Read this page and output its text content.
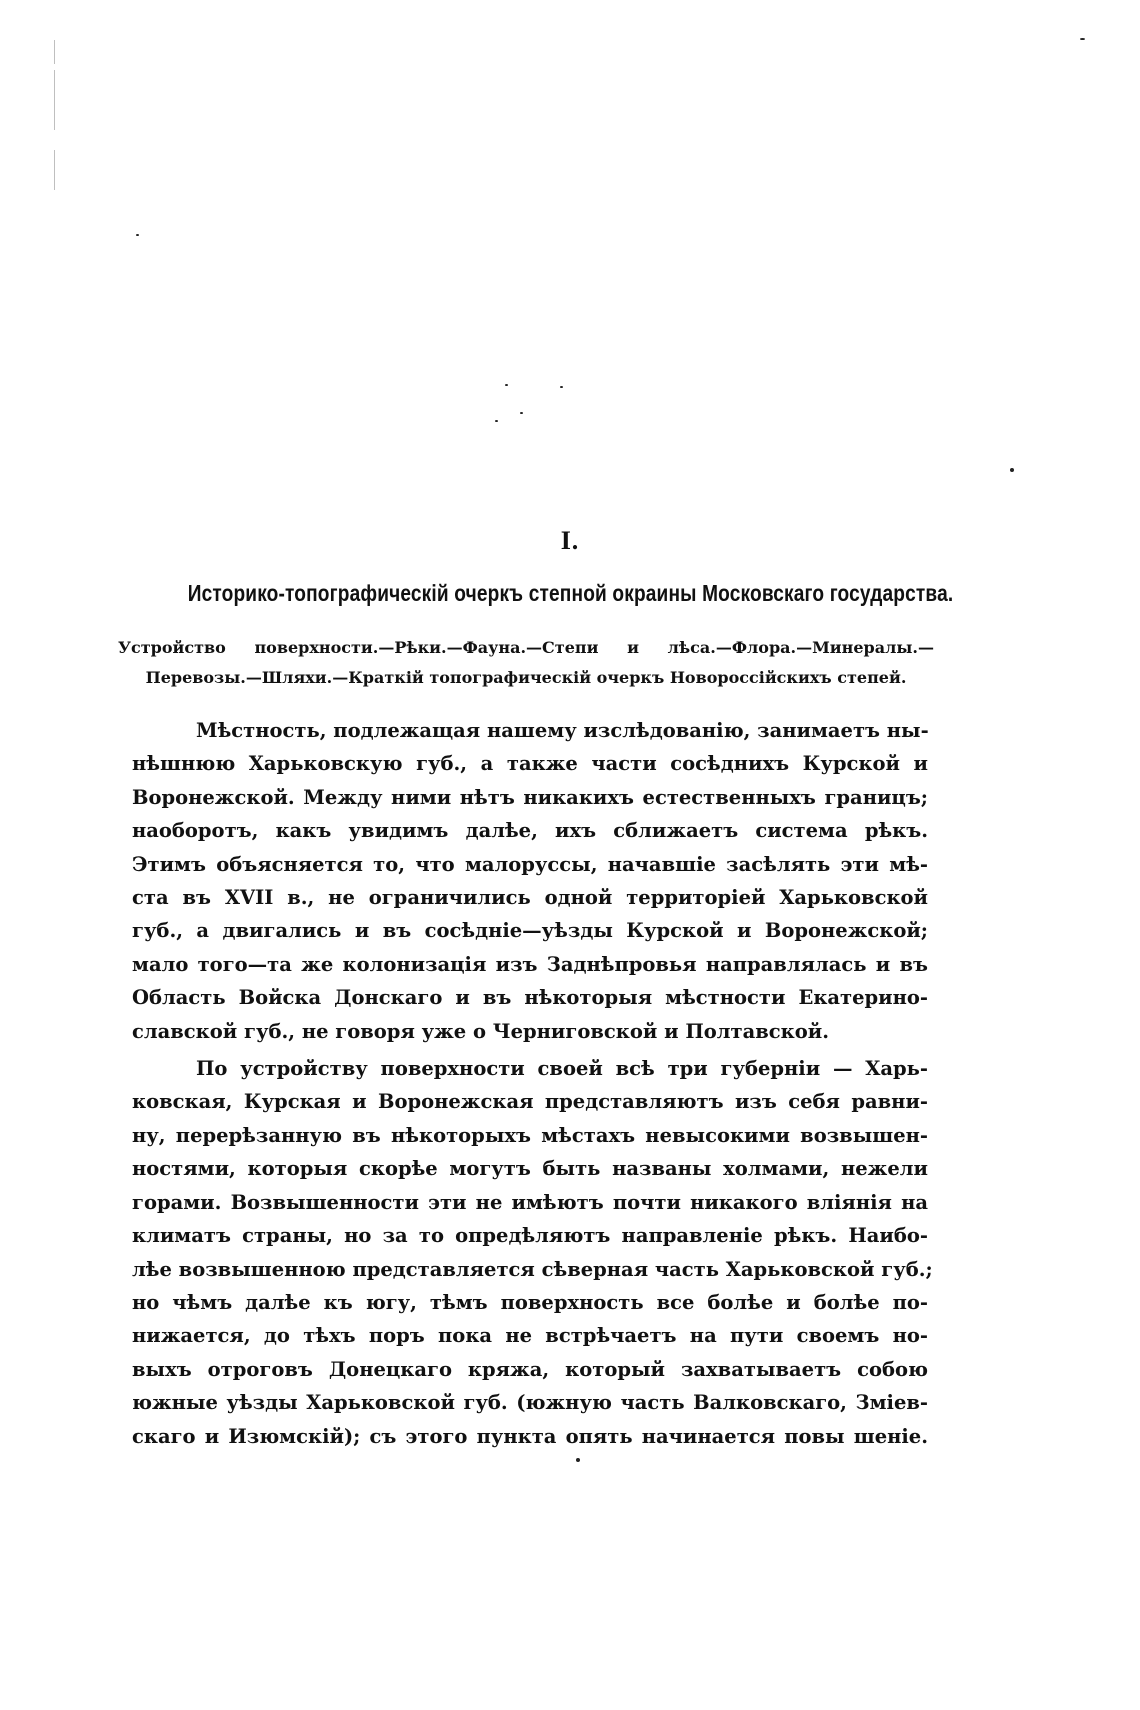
I.
Историко-топографическій очеркъ степной окраины Московскаго государства.
Устройство поверхности.—Рѣки.—Фауна.—Степи и лѣса.—Флора.—Минералы.—
Перевозы.—Шляхи.—Краткій топографическій очеркъ Новороссійскихъ степей.

Мѣстность, подлежащая нашему изслѣдованію, занимаетъ ны-
нѣшнюю Харьковскую губ., а также части сосѣднихъ Курской и
Воронежской. Между ними нѣтъ никакихъ естественныхъ границъ;
наоборотъ, какъ увидимъ далѣе, ихъ сближаетъ система рѣкъ.
Этимъ объясняется то, что малоруссы, начавшіе засѣлять эти мѣ-
ста въ XVII в., не ограничились одной территоріей Харьковской
губ., а двигались и въ сосѣдніе—уѣзды Курской и Воронежской;
мало того—та же колонизація изъ Заднѣпровья направлялась и въ
Область Войска Донскаго и въ нѣкоторыя мѣстности Екатерино-
славской губ., не говоря уже о Черниговской и Полтавской.

По устройству поверхности своей всѣ три губерніи — Харь-
ковская, Курская и Воронежская представляютъ изъ себя равни-
ну, перерѣзанную въ нѣкоторыхъ мѣстахъ невысокими возвышен-
ностями, которыя скорѣе могутъ быть названы холмами, нежели
горами. Возвышенности эти не имѣютъ почти никакого вліянія на
климатъ страны, но за то опредѣляютъ направленіе рѣкъ. Наибо-
лѣе возвышенною представляется сѣверная часть Харьковской губ.;
но чѣмъ далѣе къ югу, тѣмъ поверхность все болѣе и болѣе по-
нижается, до тѣхъ поръ пока не встрѣчаетъ на пути своемъ но-
выхъ отроговъ Донецкаго кряжа, который захватываетъ собою
южные уѣзды Харьковской губ. (южную часть Валковскаго, Зміев-
скаго и Изюмскій); съ этого пункта опять начинается повы шеніе.
